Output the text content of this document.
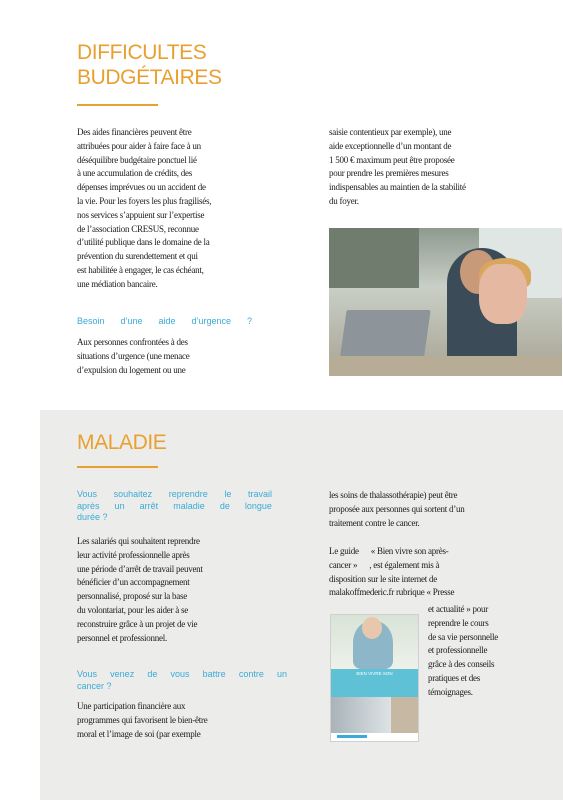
DIFFICULTES
BUDGÉTAIRES
Des aides financières peuvent être
attribuées pour aider à faire face à un
déséquilibre budgétaire ponctuel lié
à une accumulation de crédits, des
dépenses imprévues ou un accident de
la vie. Pour les foyers les plus fragilisés,
nos services s’appuient sur l’expertise
de l’association CRESUS, reconnue
d’utilité publique dans le domaine de la
prévention du surendettement et qui
est habilitée à engager, le cas échéant,
une médiation bancaire.
Besoin d’une aide d’urgence ?
Aux personnes confrontées à des
situations d’urgence (une menace
d’expulsion du logement ou une
saisie contentieux par exemple), une
aide exceptionnelle d’un montant de
1 500 € maximum peut être proposée
pour prendre les premières mesures
indispensables au maintien de la stabilité
du foyer.
MALADIE
Vous souhaitez reprendre le travail
après un arrêt maladie de longue
durée ?
Les salariés qui souhaitent reprendre
leur activité professionnelle après
une période d’arrêt de travail peuvent
bénéficier d’un accompagnement
personnalisé, proposé sur la base
du volontariat, pour les aider à se
reconstruire grâce à un projet de vie
personnel et professionnel.
Vous venez de vous battre contre un
cancer ?
Une participation financière aux
programmes qui favorisent le bien-être
moral et l’image de soi (par exemple
les soins de thalassothérapie) peut être
proposée aux personnes qui sortent d’un
traitement contre le cancer.
Le guide      « Bien vivre son après-
cancer »      , est également mis à
disposition sur le site internet de
malakoffmederic.fr rubrique « Presse
et actualité » pour
reprendre le cours
de sa vie personnelle
et professionnelle
grâce à des conseils
pratiques et des
témoignages.
BIEN VIVRE SON
